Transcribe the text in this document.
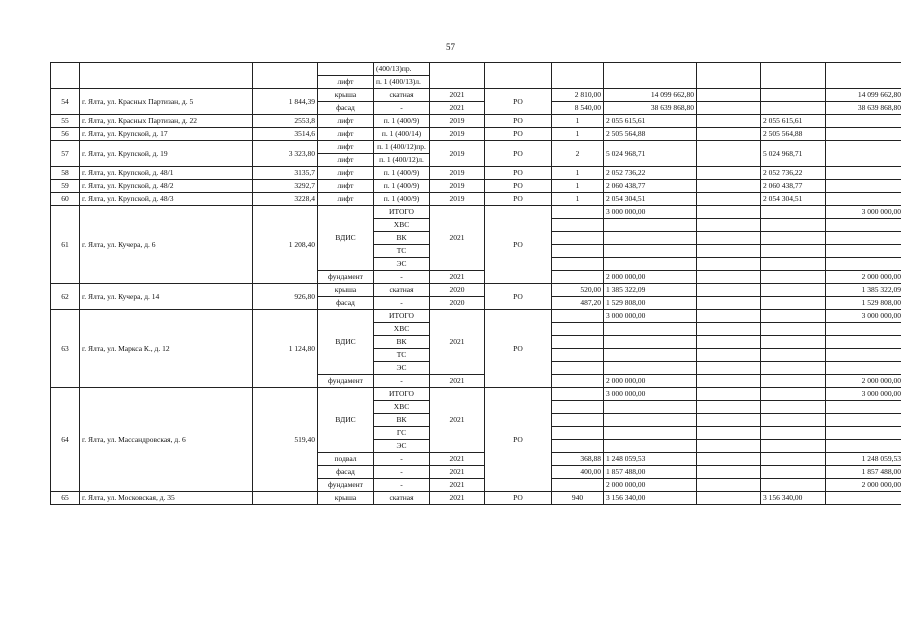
57
				(400/13)пр.							
			лифт	п. 1 (400/13)л.							
54	г. Ялта, ул. Красных Партизан, д. 5	1 844,39	крыша	скатная	2021	РО	2 810,00	14 099 662,80			14 099 662,80
			фасад	-	2021		8 540,00	38 639 868,80			38 639 868,80
55	г. Ялта, ул. Красных Партизан, д. 22	2553,8	лифт	п. 1 (400/9)	2019	РО	1	2 055 615,61		2 055 615,61	
56	г. Ялта, ул. Крупской, д. 17	3514,6	лифт	п. 1 (400/14)	2019	РО	1	2 505 564,88		2 505 564,88	
57	г. Ялта, ул. Крупской, д. 19	3 323,80	лифт	п. 1 (400/12)пр.	2019	РО	2	5 024 968,71		5 024 968,71	
			лифт	п. 1 (400/12)л.							
58	г. Ялта, ул. Крупской, д. 48/1	3135,7	лифт	п. 1 (400/9)	2019	РО	1	2 052 736,22		2 052 736,22	
59	г. Ялта, ул. Крупской, д. 48/2	3292,7	лифт	п. 1 (400/9)	2019	РО	1	2 060 438,77		2 060 438,77	
60	г. Ялта, ул. Крупской, д. 48/3	3228,4	лифт	п. 1 (400/9)	2019	РО	1	2 054 304,51		2 054 304,51	
61	г. Ялта, ул. Кучера, д. 6	1 208,40	ВДИС	ИТОГО	2021	РО		3 000 000,00			3 000 000,00
				ХВС							
				ВК							
				ТС							
				ЭС							
			фундамент	-	2021			2 000 000,00			2 000 000,00
62	г. Ялта, ул. Кучера, д. 14	926,80	крыша	скатная	2020	РО	520,00	1 385 322,09			1 385 322,09
			фасад	-	2020		487,20	1 529 808,00			1 529 808,00
63	г. Ялта, ул. Маркса К., д. 12	1 124,80	ВДИС	ИТОГО	2021	РО		3 000 000,00			3 000 000,00
				ХВС							
				ВК							
				ТС							
				ЭС							
			фундамент	-	2021			2 000 000,00			2 000 000,00
64	г. Ялта, ул. Массандровская, д. 6	519,40	ВДИС	ИТОГО	2021	РО		3 000 000,00			3 000 000,00
				ХВС							
				ВК							
				ГС							
				ЭС							
			подвал	-	2021		368,88	1 248 059,53			1 248 059,53
			фасад	-	2021		400,00	1 857 488,00			1 857 488,00
			фундамент	-	2021			2 000 000,00			2 000 000,00
65	г. Ялта, ул. Московская, д. 35		крыша	скатная	2021	РО	940	3 156 340,00		3 156 340,00	
